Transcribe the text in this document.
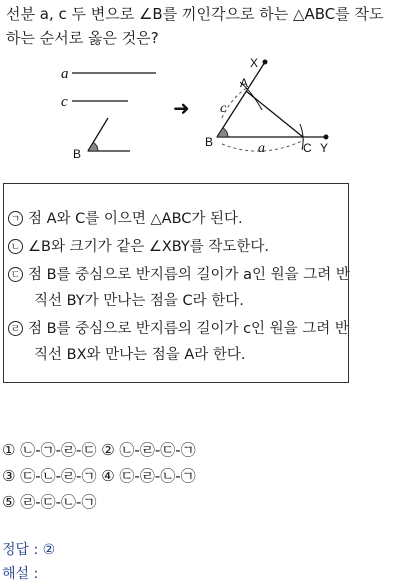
선분 a, c 두 변으로 ∠B를 끼인각으로 하는 △ABC를 작도
하는 순서로 옳은 것은?
a
c
B
➜
X
Y
A
c
B	a	C
ㄱ 점 A와 C를 이으면 △ABC가 된다.
ㄴ ∠B와 크기가 같은 ∠XBY를 작도한다.
ㄷ 점 B를 중심으로 반지름의 길이가 a인 원을 그려 반
직선 BY가 만나는 점을 C라 한다.
ㄹ 점 B를 중심으로 반지름의 길이가 c인 원을 그려 반
직선 BX와 만나는 점을 A라 한다.
① ㉡-㉠-㉣-㉢ ② ㉡-㉣-㉢-㉠
③ ㉢-㉡-㉣-㉠ ④ ㉢-㉣-㉡-㉠
⑤ ㉣-㉢-㉡-㉠
정답 : ②
해설 :
